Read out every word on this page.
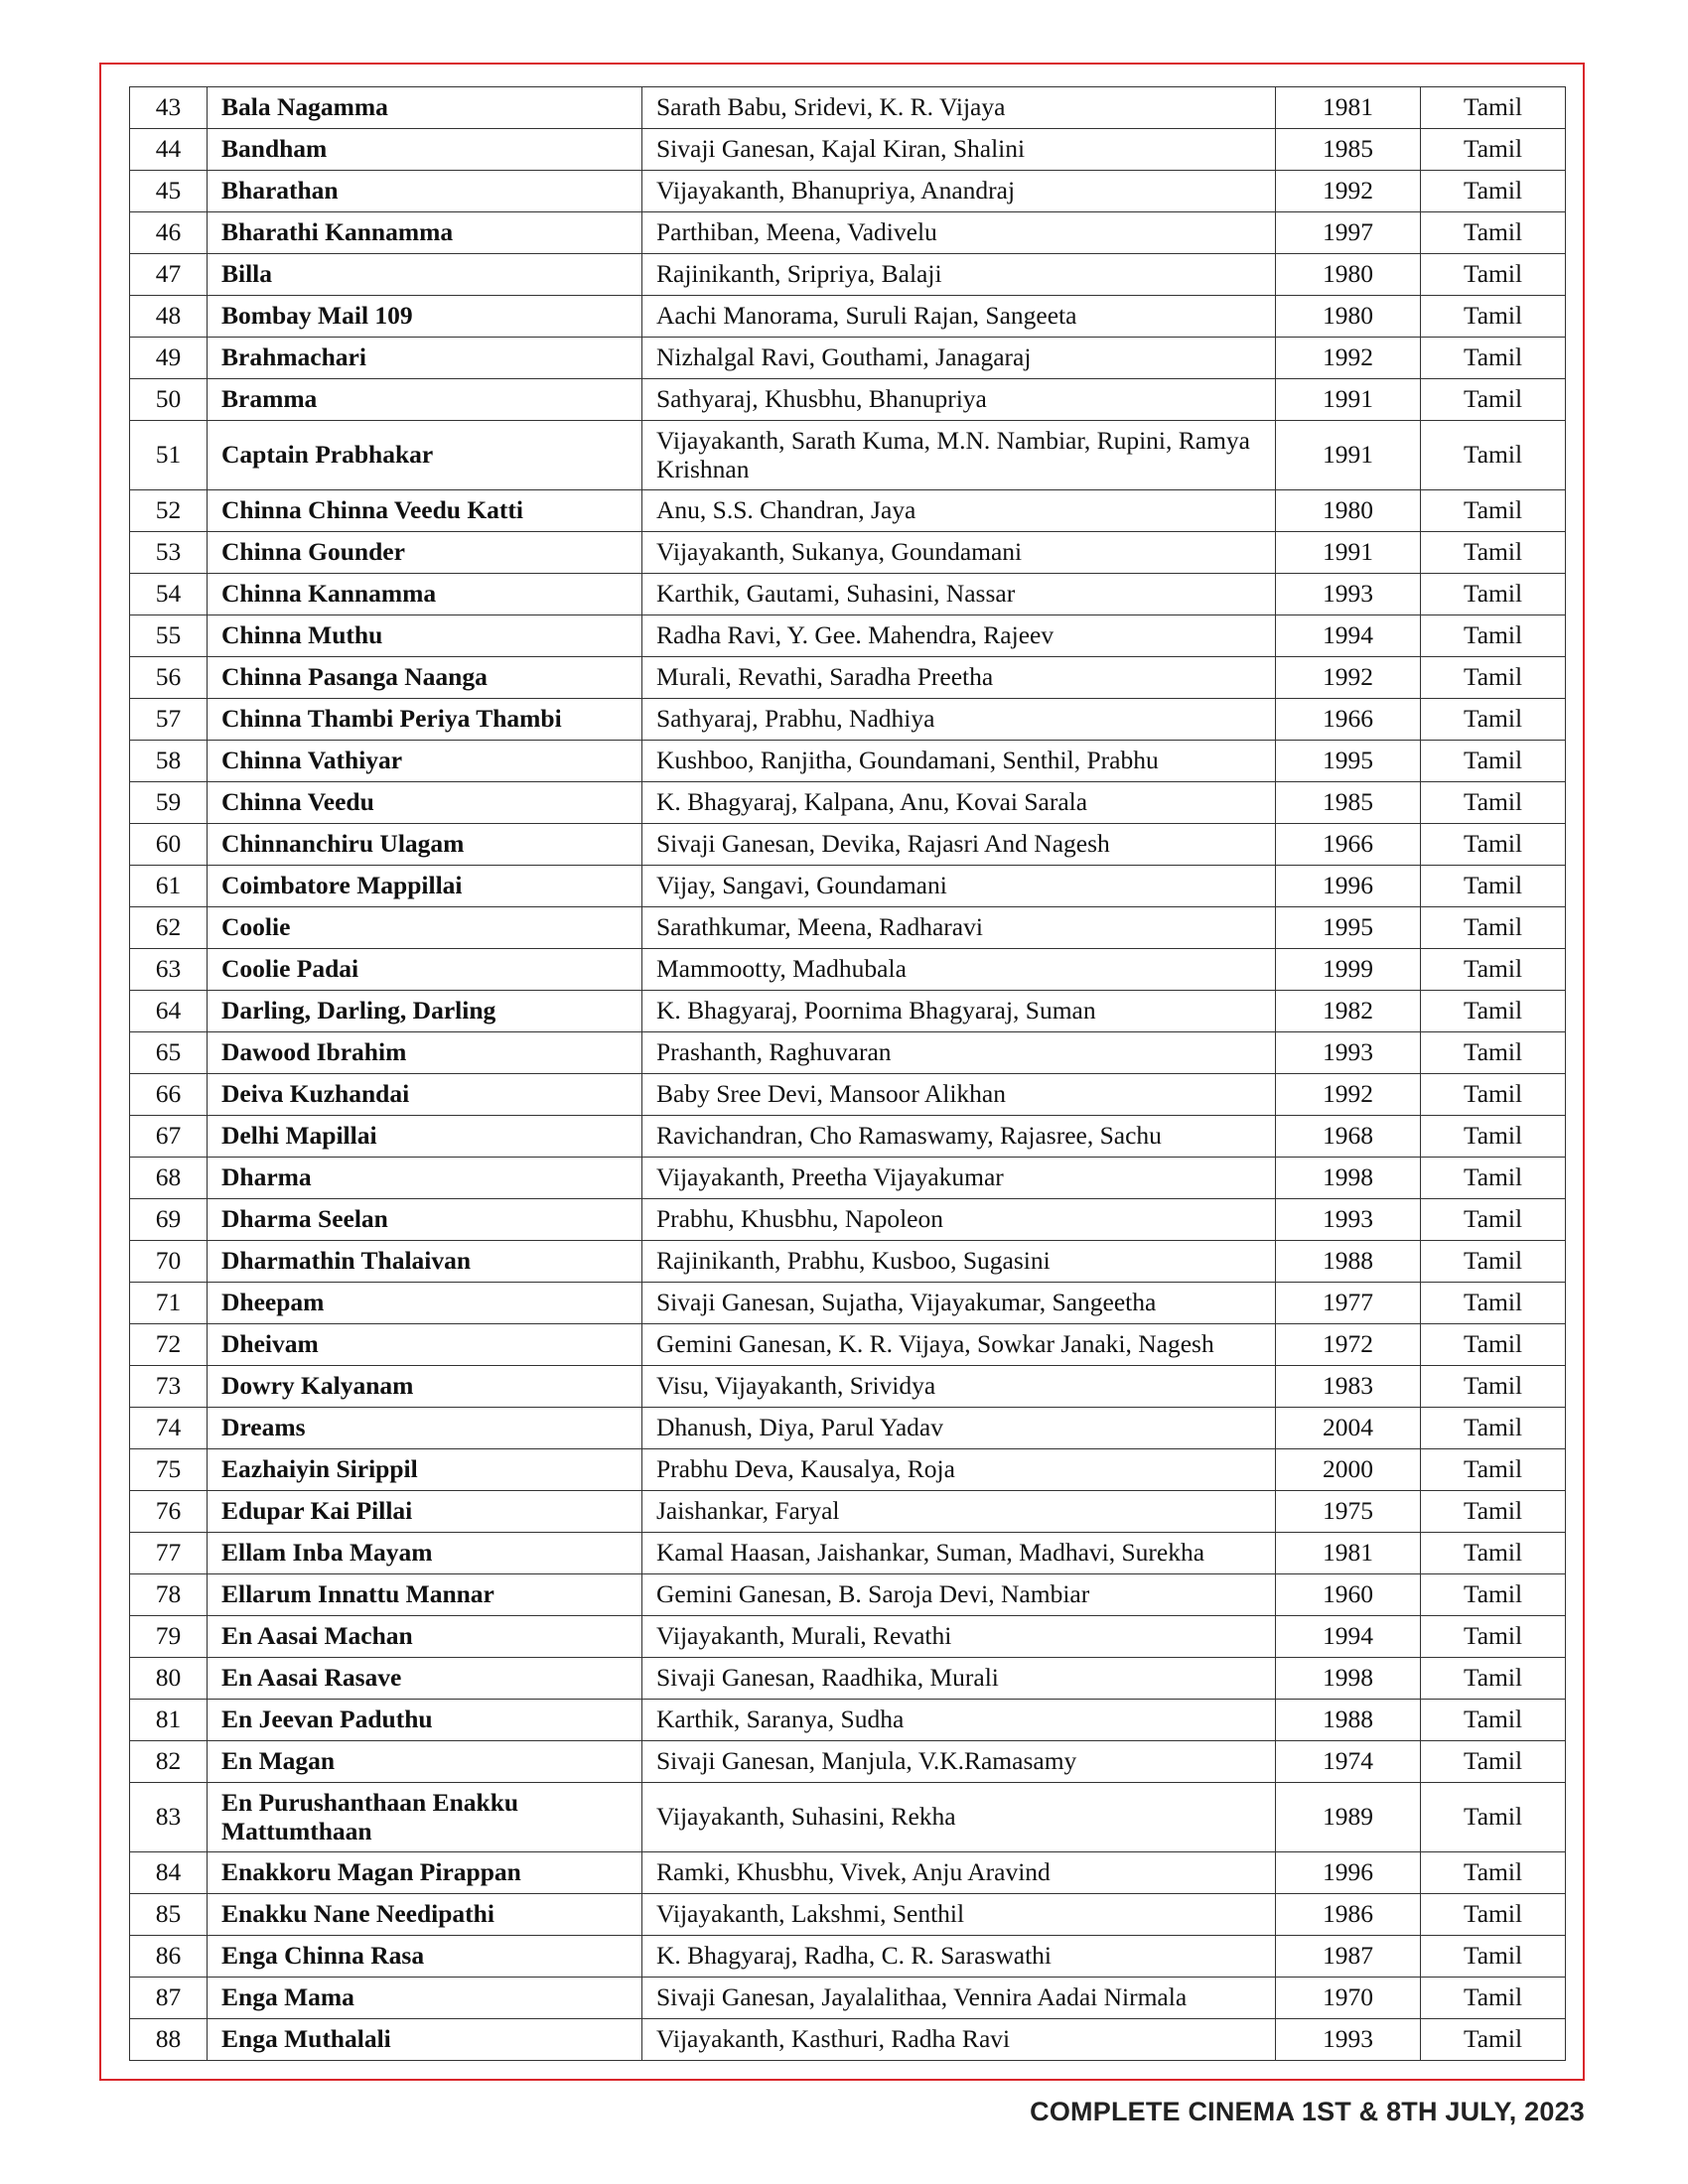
43	Bala Nagamma	Sarath Babu, Sridevi, K. R. Vijaya	1981	Tamil
44	Bandham	Sivaji Ganesan, Kajal Kiran, Shalini	1985	Tamil
45	Bharathan	Vijayakanth, Bhanupriya, Anandraj	1992	Tamil
46	Bharathi Kannamma	Parthiban, Meena, Vadivelu	1997	Tamil
47	Billa	Rajinikanth, Sripriya, Balaji	1980	Tamil
48	Bombay Mail 109	Aachi Manorama, Suruli Rajan, Sangeeta	1980	Tamil
49	Brahmachari	Nizhalgal Ravi, Gouthami, Janagaraj	1992	Tamil
50	Bramma	Sathyaraj, Khusbhu, Bhanupriya	1991	Tamil
51	Captain Prabhakar	Vijayakanth, Sarath Kuma, M.N. Nambiar, Rupini, Ramya Krishnan	1991	Tamil
52	Chinna Chinna Veedu Katti	Anu, S.S. Chandran, Jaya	1980	Tamil
53	Chinna Gounder	Vijayakanth, Sukanya, Goundamani	1991	Tamil
54	Chinna Kannamma	Karthik, Gautami, Suhasini, Nassar	1993	Tamil
55	Chinna Muthu	Radha Ravi, Y. Gee. Mahendra, Rajeev	1994	Tamil
56	Chinna Pasanga Naanga	Murali, Revathi, Saradha Preetha	1992	Tamil
57	Chinna Thambi Periya Thambi	Sathyaraj, Prabhu, Nadhiya	1966	Tamil
58	Chinna Vathiyar	Kushboo, Ranjitha, Goundamani, Senthil, Prabhu	1995	Tamil
59	Chinna Veedu	K. Bhagyaraj, Kalpana, Anu, Kovai Sarala	1985	Tamil
60	Chinnanchiru Ulagam	Sivaji Ganesan, Devika, Rajasri And Nagesh	1966	Tamil
61	Coimbatore Mappillai	Vijay, Sangavi, Goundamani	1996	Tamil
62	Coolie	Sarathkumar, Meena, Radharavi	1995	Tamil
63	Coolie Padai	Mammootty, Madhubala	1999	Tamil
64	Darling, Darling, Darling	K. Bhagyaraj, Poornima Bhagyaraj, Suman	1982	Tamil
65	Dawood Ibrahim	Prashanth, Raghuvaran	1993	Tamil
66	Deiva Kuzhandai	Baby Sree Devi, Mansoor Alikhan	1992	Tamil
67	Delhi Mapillai	Ravichandran, Cho Ramaswamy, Rajasree, Sachu	1968	Tamil
68	Dharma	Vijayakanth, Preetha Vijayakumar	1998	Tamil
69	Dharma Seelan	Prabhu, Khusbhu, Napoleon	1993	Tamil
70	Dharmathin Thalaivan	Rajinikanth, Prabhu, Kusboo, Sugasini	1988	Tamil
71	Dheepam	Sivaji Ganesan, Sujatha, Vijayakumar, Sangeetha	1977	Tamil
72	Dheivam	Gemini Ganesan, K. R. Vijaya, Sowkar Janaki, Nagesh	1972	Tamil
73	Dowry Kalyanam	Visu, Vijayakanth, Srividya	1983	Tamil
74	Dreams	Dhanush, Diya, Parul Yadav	2004	Tamil
75	Eazhaiyin Sirippil	Prabhu Deva, Kausalya, Roja	2000	Tamil
76	Edupar Kai Pillai	Jaishankar, Faryal	1975	Tamil
77	Ellam Inba Mayam	Kamal Haasan, Jaishankar, Suman, Madhavi, Surekha	1981	Tamil
78	Ellarum Innattu Mannar	Gemini Ganesan, B. Saroja Devi, Nambiar	1960	Tamil
79	En Aasai Machan	Vijayakanth, Murali, Revathi	1994	Tamil
80	En Aasai Rasave	Sivaji Ganesan, Raadhika, Murali	1998	Tamil
81	En Jeevan Paduthu	Karthik, Saranya, Sudha	1988	Tamil
82	En Magan	Sivaji Ganesan, Manjula, V.K.Ramasamy	1974	Tamil
83	En Purushanthaan Enakku Mattumthaan	Vijayakanth, Suhasini, Rekha	1989	Tamil
84	Enakkoru Magan Pirappan	Ramki, Khusbhu, Vivek, Anju Aravind	1996	Tamil
85	Enakku Nane Needipathi	Vijayakanth, Lakshmi, Senthil	1986	Tamil
86	Enga Chinna Rasa	K. Bhagyaraj, Radha, C. R. Saraswathi	1987	Tamil
87	Enga Mama	Sivaji Ganesan, Jayalalithaa, Vennira Aadai Nirmala	1970	Tamil
88	Enga Muthalali	Vijayakanth, Kasthuri, Radha Ravi	1993	Tamil
COMPLETE CINEMA 1ST & 8TH JULY, 2023
